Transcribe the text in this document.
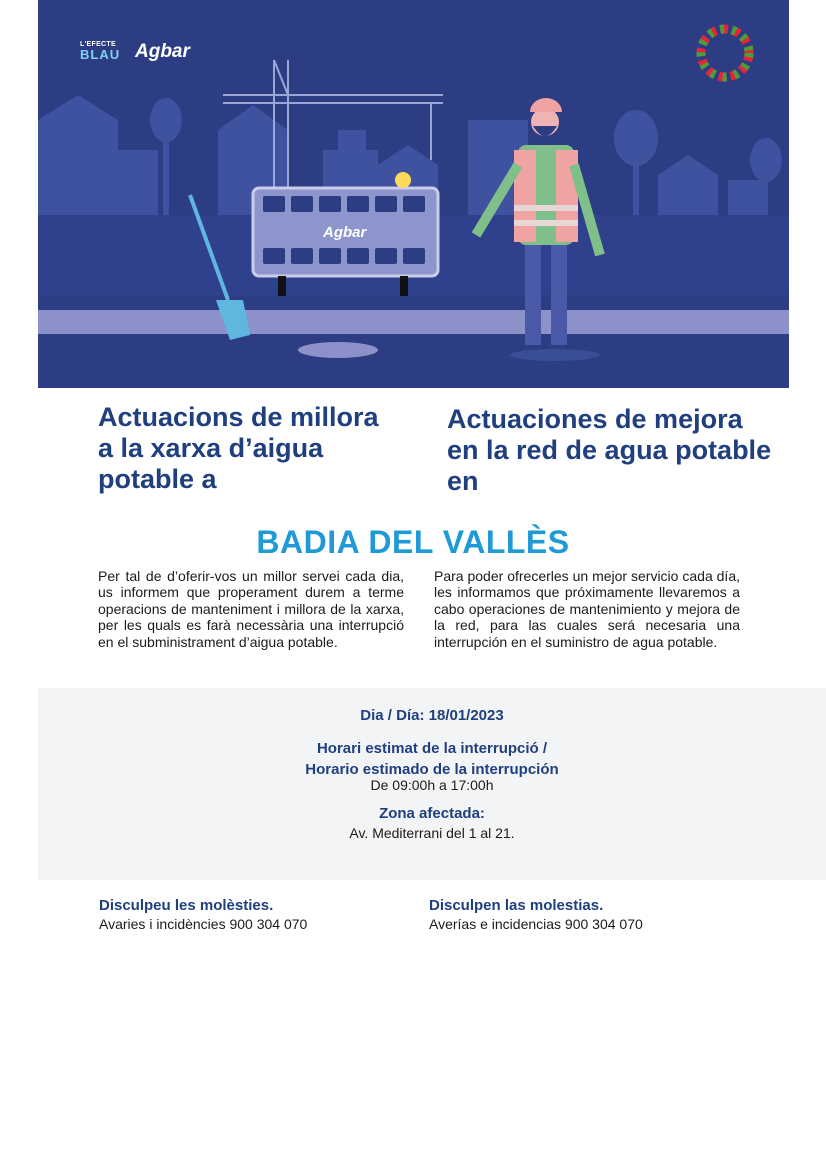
Agbar
L'EFECTE
BLAU Agbar
Actuacions de millora a la xarxa d’aigua potable a
Actuaciones de mejora en la red de agua potable en
BADIA DEL VALLÈS
Per tal de d’oferir-vos un millor servei cada dia, us informem que properament durem a terme operacions de manteniment i millora de la xarxa, per les quals es farà necessària una interrupció en el subministrament d’aigua potable.
Para poder ofrecerles un mejor servicio cada día, les informamos que próximamente llevaremos a cabo operaciones de mantenimiento y mejora de la red, para las cuales será necesaria una interrupción en el suministro de agua potable.
Dia / Día: 18/01/2023
Horari estimat de la interrupció /
Horario estimado de la interrupción
De 09:00h a 17:00h
Zona afectada:
Av. Mediterrani del 1 al 21.
Disculpeu les molèsties.
Avaries i incidències 900 304 070
Disculpen las molestias.
Averías e incidencias 900 304 070
